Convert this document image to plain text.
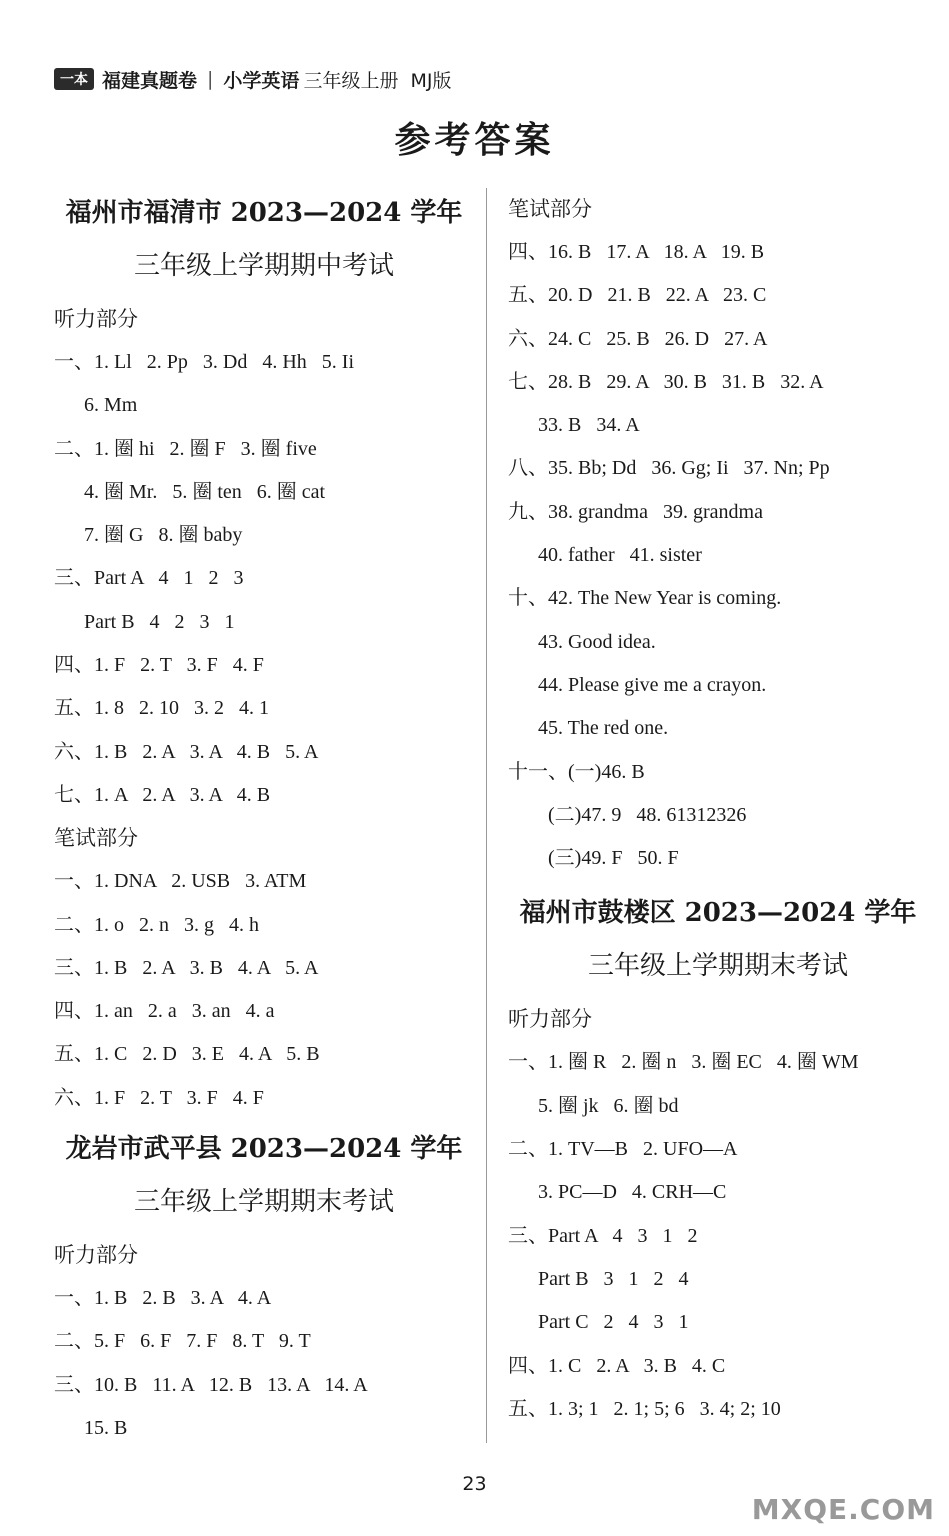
一本 福建真题卷 | 小学英语 三年级上册 MJ版
参考答案
福州市福清市 2023—2024 学年
三年级上学期期中考试
听力部分
一、1. Ll   2. Pp   3. Dd   4. Hh   5. Ii
6. Mm
二、1. 圈 hi   2. 圈 F   3. 圈 five
4. 圈 Mr.   5. 圈 ten   6. 圈 cat
7. 圈 G   8. 圈 baby
三、Part A   4   1   2   3
Part B   4   2   3   1
四、1. F   2. T   3. F   4. F
五、1. 8   2. 10   3. 2   4. 1
六、1. B   2. A   3. A   4. B   5. A
七、1. A   2. A   3. A   4. B
笔试部分
一、1. DNA   2. USB   3. ATM
二、1. o   2. n   3. g   4. h
三、1. B   2. A   3. B   4. A   5. A
四、1. an   2. a   3. an   4. a
五、1. C   2. D   3. E   4. A   5. B
六、1. F   2. T   3. F   4. F
龙岩市武平县 2023—2024 学年
三年级上学期期末考试
听力部分
一、1. B   2. B   3. A   4. A
二、5. F   6. F   7. F   8. T   9. T
三、10. B   11. A   12. B   13. A   14. A
15. B
笔试部分
四、16. B   17. A   18. A   19. B
五、20. D   21. B   22. A   23. C
六、24. C   25. B   26. D   27. A
七、28. B   29. A   30. B   31. B   32. A
33. B   34. A
八、35. Bb; Dd   36. Gg; Ii   37. Nn; Pp
九、38. grandma   39. grandma
40. father   41. sister
十、42. The New Year is coming.
43. Good idea.
44. Please give me a crayon.
45. The red one.
十一、(一)46. B
(二)47. 9   48. 61312326
(三)49. F   50. F
福州市鼓楼区 2023—2024 学年
三年级上学期期末考试
听力部分
一、1. 圈 R   2. 圈 n   3. 圈 EC   4. 圈 WM
5. 圈 jk   6. 圈 bd
二、1. TV—B   2. UFO—A
3. PC—D   4. CRH—C
三、Part A   4   3   1   2
Part B   3   1   2   4
Part C   2   4   3   1
四、1. C   2. A   3. B   4. C
五、1. 3; 1   2. 1; 5; 6   3. 4; 2; 10
23
MXQE.COM
